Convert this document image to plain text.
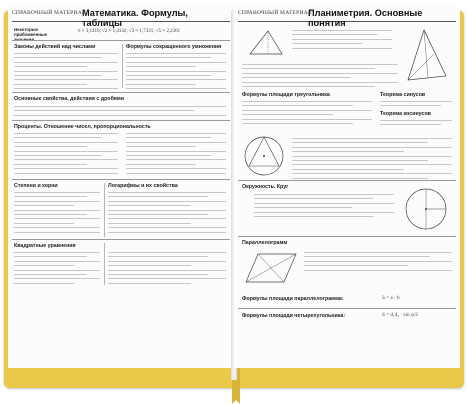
СПРАВОЧНЫЙ МАТЕРИАЛ
Математика. Формулы, таблицы
Некоторые приближенные
π ≈ 3,1416; √2 ≈ 1,4142; √3 ≈ 1,7321; √5 ≈ 2,2361
Законы действий над числами	Формулы сокращенного умножения
Основные свойства, действия с дробями
Проценты. Отношение чисел, пропорциональность
Степени и корни	Логарифмы и их свойства
Квадратные уравнения
СПРАВОЧНЫЙ МАТЕРИАЛ
Планиметрия. Основные понятия
Формулы площади треугольника	Теорема синусов
Теорема косинусов
Окружность. Круг
Параллелограмм
Формулы площади параллелограмма:	S = a · h
Формулы площади четырехугольника:	S = d₁d₂ · sin φ/2
